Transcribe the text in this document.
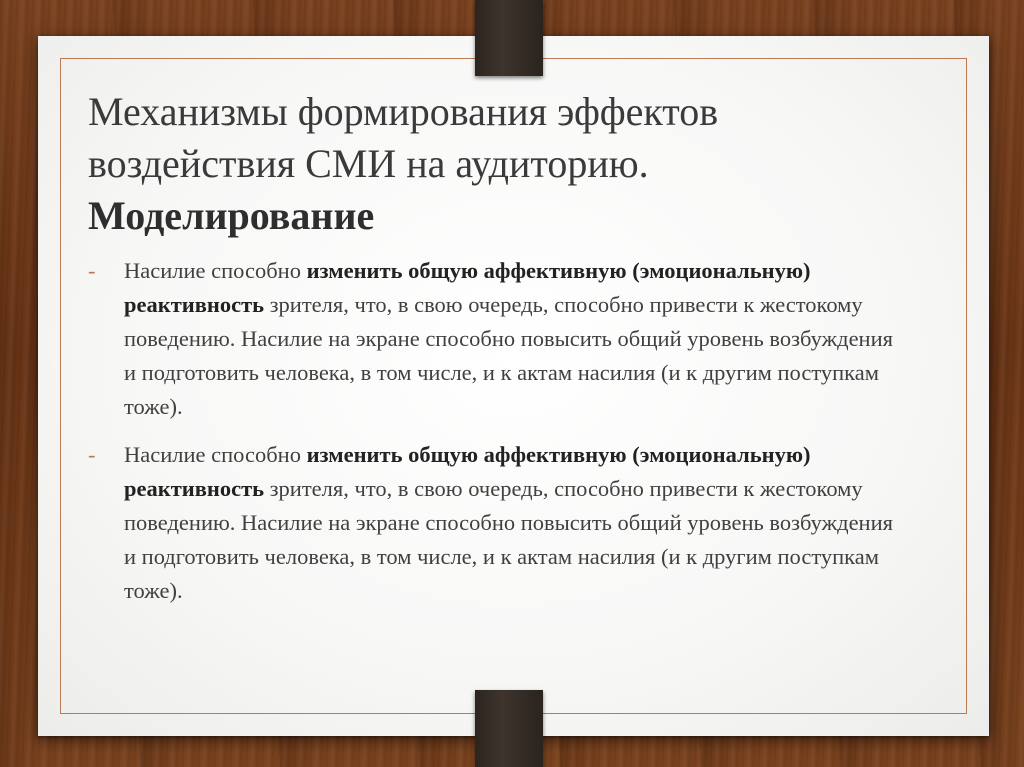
Механизмы формирования эффектов
воздействия СМИ на аудиторию.
Моделирование
- Насилие способно изменить общую аффективную (эмоциональную) реактивность зрителя, что, в свою очередь, способно привести к жестокому поведению. Насилие на экране способно повысить общий уровень возбуждения и подготовить человека, в том числе, и к актам насилия (и к другим поступкам тоже).
- Насилие способно изменить общую аффективную (эмоциональную) реактивность зрителя, что, в свою очередь, способно привести к жестокому поведению. Насилие на экране способно повысить общий уровень возбуждения и подготовить человека, в том числе, и к актам насилия (и к другим поступкам тоже).
